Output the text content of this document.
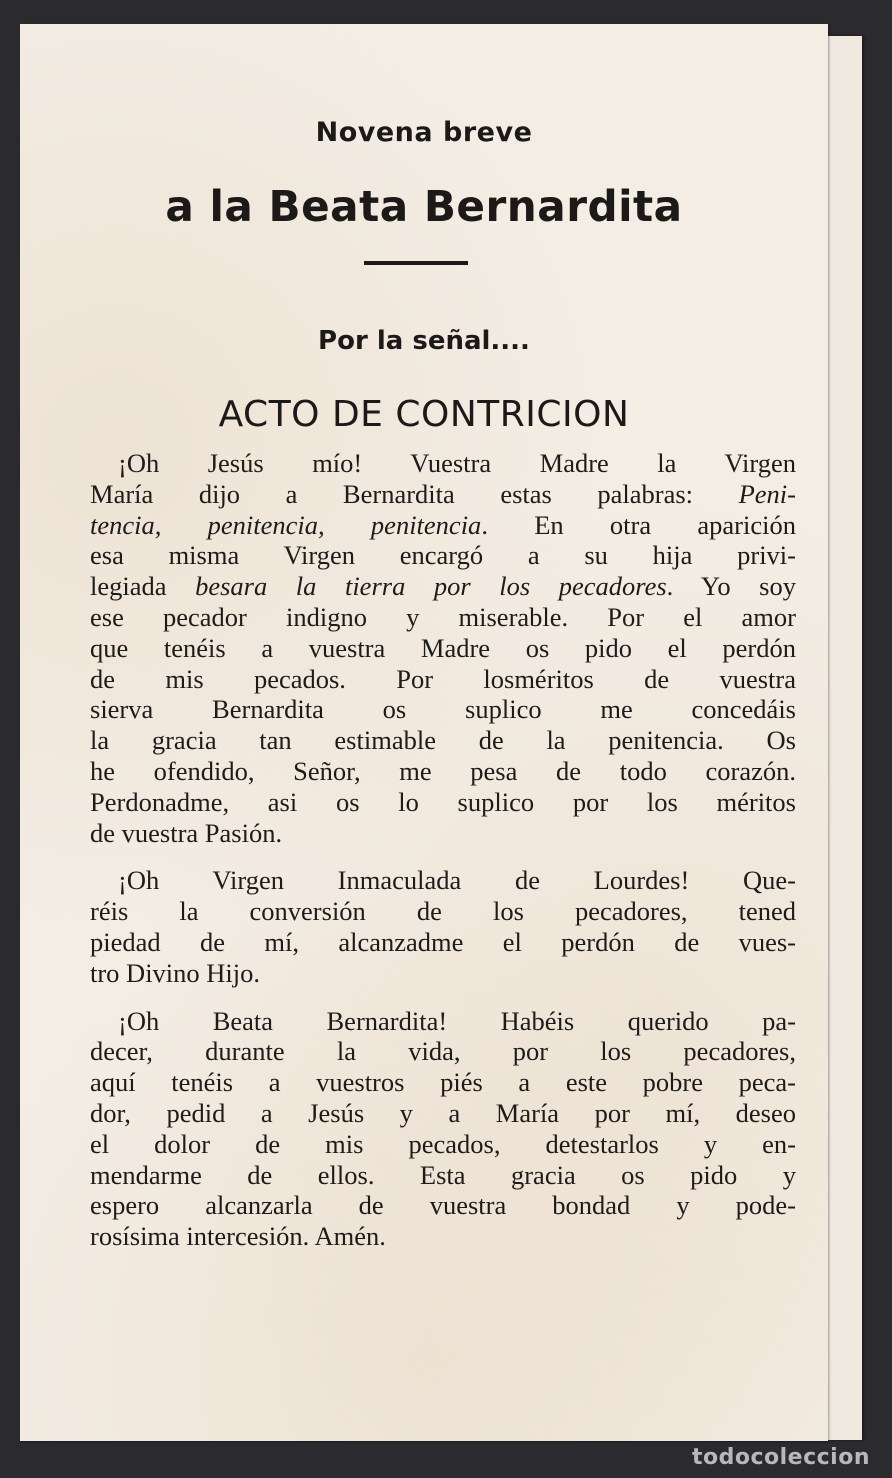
Novena breve
a la Beata Bernardita
Por la señal....
ACTO DE CONTRICION
¡Oh Jesús mío! Vuestra Madre la Virgen
María dijo a Bernardita estas palabras: Peni-
tencia, penitencia, penitencia. En otra aparición
esa misma Virgen encargó a su hija privi-
legiada besara la tierra por los pecadores. Yo soy
ese pecador indigno y miserable. Por el amor
que tenéis a vuestra Madre os pido el perdón
de mis pecados. Por losméritos de vuestra
sierva Bernardita os suplico me concedáis
la gracia tan estimable de la penitencia. Os
he ofendido, Señor, me pesa de todo corazón.
Perdonadme, asi os lo suplico por los méritos
de vuestra Pasión.
¡Oh Virgen Inmaculada de Lourdes! Que-
réis la conversión de los pecadores, tened
piedad de mí, alcanzadme el perdón de vues-
tro Divino Hijo.
¡Oh Beata Bernardita! Habéis querido pa-
decer, durante la vida, por los pecadores,
aquí tenéis a vuestros piés a este pobre peca-
dor, pedid a Jesús y a María por mí, deseo
el dolor de mis pecados, detestarlos y en-
mendarme de ellos. Esta gracia os pido y
espero alcanzarla de vuestra bondad y pode-
rosísima intercesión. Amén.
todocoleccion
